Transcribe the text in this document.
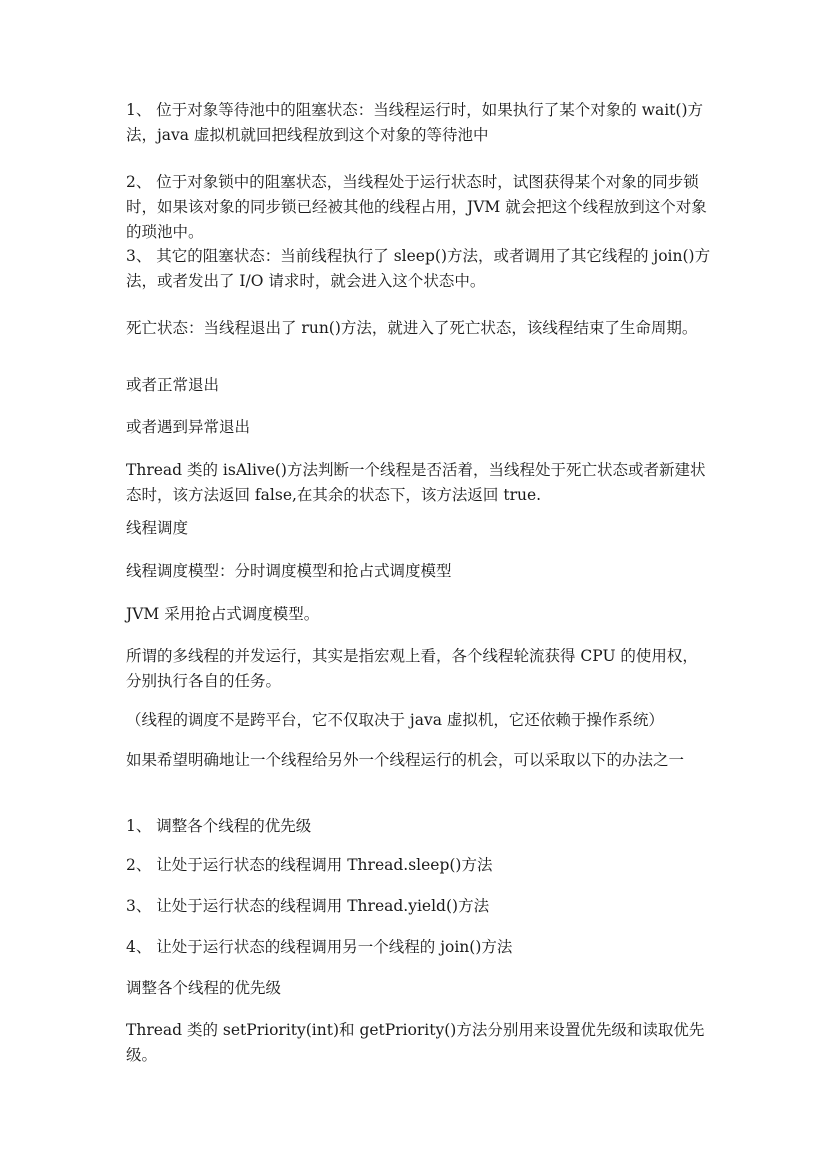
1、 位于对象等待池中的阻塞状态：当线程运行时，如果执行了某个对象的 wait()方法，java 虚拟机就回把线程放到这个对象的等待池中

2、 位于对象锁中的阻塞状态，当线程处于运行状态时，试图获得某个对象的同步锁时，如果该对象的同步锁已经被其他的线程占用，JVM 就会把这个线程放到这个对象的琐池中。

3、 其它的阻塞状态：当前线程执行了 sleep()方法，或者调用了其它线程的 join()方法，或者发出了 I/O 请求时，就会进入这个状态中。

死亡状态：当线程退出了 run()方法，就进入了死亡状态，该线程结束了生命周期。

或者正常退出

或者遇到异常退出

Thread 类的 isAlive()方法判断一个线程是否活着，当线程处于死亡状态或者新建状态时，该方法返回 false,在其余的状态下，该方法返回 true.

线程调度

线程调度模型：分时调度模型和抢占式调度模型

JVM 采用抢占式调度模型。

所谓的多线程的并发运行，其实是指宏观上看，各个线程轮流获得 CPU 的使用权，分别执行各自的任务。

（线程的调度不是跨平台，它不仅取决于 java 虚拟机，它还依赖于操作系统）

如果希望明确地让一个线程给另外一个线程运行的机会，可以采取以下的办法之一

1、 调整各个线程的优先级

2、 让处于运行状态的线程调用 Thread.sleep()方法

3、 让处于运行状态的线程调用 Thread.yield()方法

4、 让处于运行状态的线程调用另一个线程的 join()方法

调整各个线程的优先级

Thread 类的 setPriority(int)和 getPriority()方法分别用来设置优先级和读取优先级。
